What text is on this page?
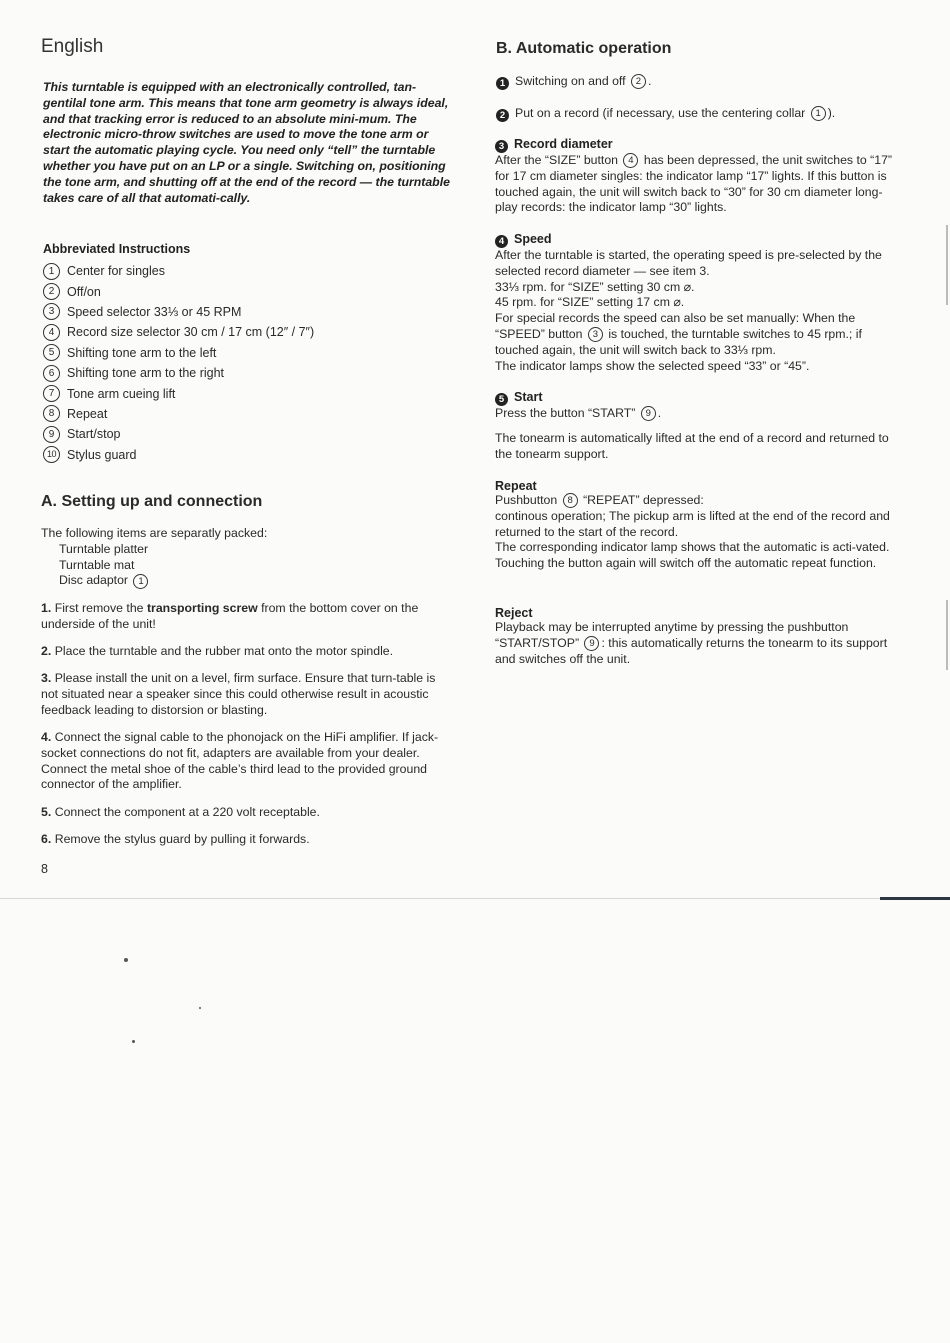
English

This turntable is equipped with an electronically controlled, tan-gentilal tone arm. This means that tone arm geometry is always ideal, and that tracking error is reduced to an absolute mini-mum. The electronic micro-throw switches are used to move the tone arm or start the automatic playing cycle. You need only “tell” the turntable whether you have put on an LP or a single. Switching on, positioning the tone arm, and shutting off at the end of the record — the turntable takes care of all that automati-cally.

Abbreviated Instructions

1	Center for singles
2	Off/on
3	Speed selector 33⅓ or 45 RPM
4	Record size selector 30 cm / 17 cm (12″ / 7″)
5	Shifting tone arm to the left
6	Shifting tone arm to the right
7	Tone arm cueing lift
8	Repeat
9	Start/stop
10 Stylus guard
A. Setting up and connection

The following items are separatly packed:

Turntable platter

Turntable mat

Disc adaptor 1

1. First remove the transporting screw from the bottom cover on the underside of the unit!

2. Place the turntable and the rubber mat onto the motor spindle.

3. Please install the unit on a level, firm surface. Ensure that turn-table is not situated near a speaker since this could otherwise result in acoustic feedback leading to distorsion or blasting.

4. Connect the signal cable to the phonojack on the HiFi amplifier. If jack-socket connections do not fit, adapters are available from your dealer. Connect the metal shoe of the cable’s third lead to the provided ground connector of the amplifier.

5. Connect the component at a 220 volt receptable.

6. Remove the stylus guard by pulling it forwards.

8
B. Automatic operation

1 Switching on and off 2 .

2 Put on a record (if necessary, use the centering collar 1 ).

3 Record diameter

After the “SIZE” button 4 has been depressed, the unit switches to “17” for 17 cm diameter singles: the indicator lamp “17” lights. If this button is touched again, the unit will switch back to “30” for 30 cm diameter long-play records: the indicator lamp “30” lights.

4 Speed

After the turntable is started, the operating speed is pre-selected by the selected record diameter — see item 3.

33⅓ rpm. for “SIZE” setting 30 cm ⌀.

45 rpm. for “SIZE” setting 17 cm ⌀.

For special records the speed can also be set manually: When the “SPEED” button 3 is touched, the turntable switches to 45 rpm.; if touched again, the unit will switch back to 33⅓ rpm.

The indicator lamps show the selected speed “33” or “45”.

5 Start

Press the button “START” 9 .

The tonearm is automatically lifted at the end of a record and returned to the tonearm support.

Repeat

Pushbutton 8 “REPEAT” depressed:

continous operation; The pickup arm is lifted at the end of the record and returned to the start of the record.

The corresponding indicator lamp shows that the automatic is acti-vated. Touching the button again will switch off the automatic repeat function.

Reject

Playback may be interrupted anytime by pressing the pushbutton “START/STOP” 9 : this automatically returns the tonearm to its support and switches off the unit.
